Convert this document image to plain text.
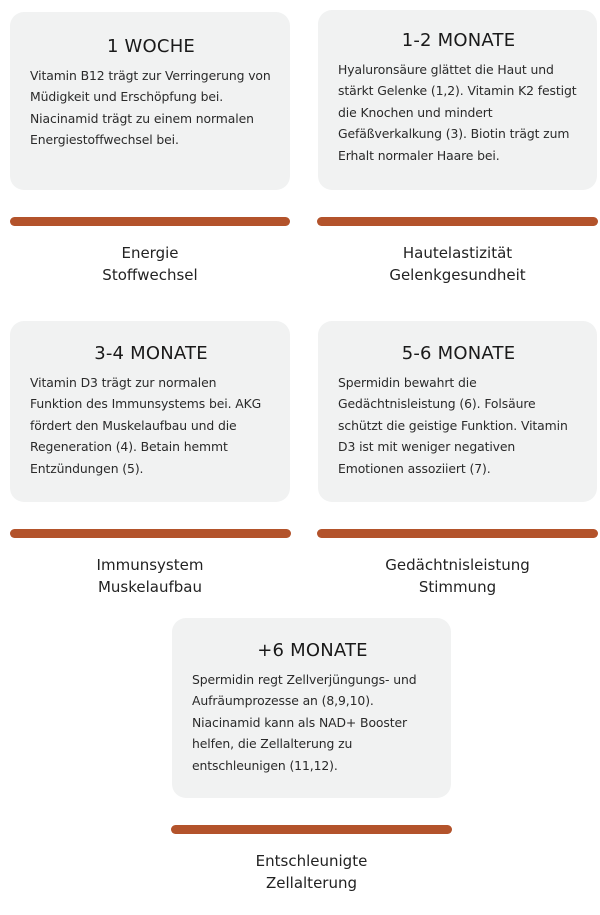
1 WOCHE

Vitamin B12 trägt zur Verringerung von Müdigkeit und Erschöpfung bei. Niacinamid trägt zu einem normalen Energiestoffwechsel bei.

Energie
Stoffwechsel
1-2 MONATE

Hyaluronsäure glättet die Haut und stärkt Gelenke (1,2). Vitamin K2 festigt die Knochen und mindert Gefäßverkalkung (3). Biotin trägt zum Erhalt normaler Haare bei.

Hautelastizität
Gelenkgesundheit
3-4 MONATE

Vitamin D3 trägt zur normalen Funktion des Immunsystems bei. AKG fördert den Muskelaufbau und die Regeneration (4). Betain hemmt Entzündungen (5).

Immunsystem
Muskelaufbau
5-6 MONATE

Spermidin bewahrt die Gedächtnisleistung (6). Folsäure schützt die geistige Funktion. Vitamin D3 ist mit weniger negativen Emotionen assoziiert (7).

Gedächtnisleistung
Stimmung
+6 MONATE

Spermidin regt Zellverjüngungs- und Aufräumprozesse an (8,9,10). Niacinamid kann als NAD+ Booster helfen, die Zellalterung zu entschleunigen (11,12).

Entschleunigte
Zellalterung
